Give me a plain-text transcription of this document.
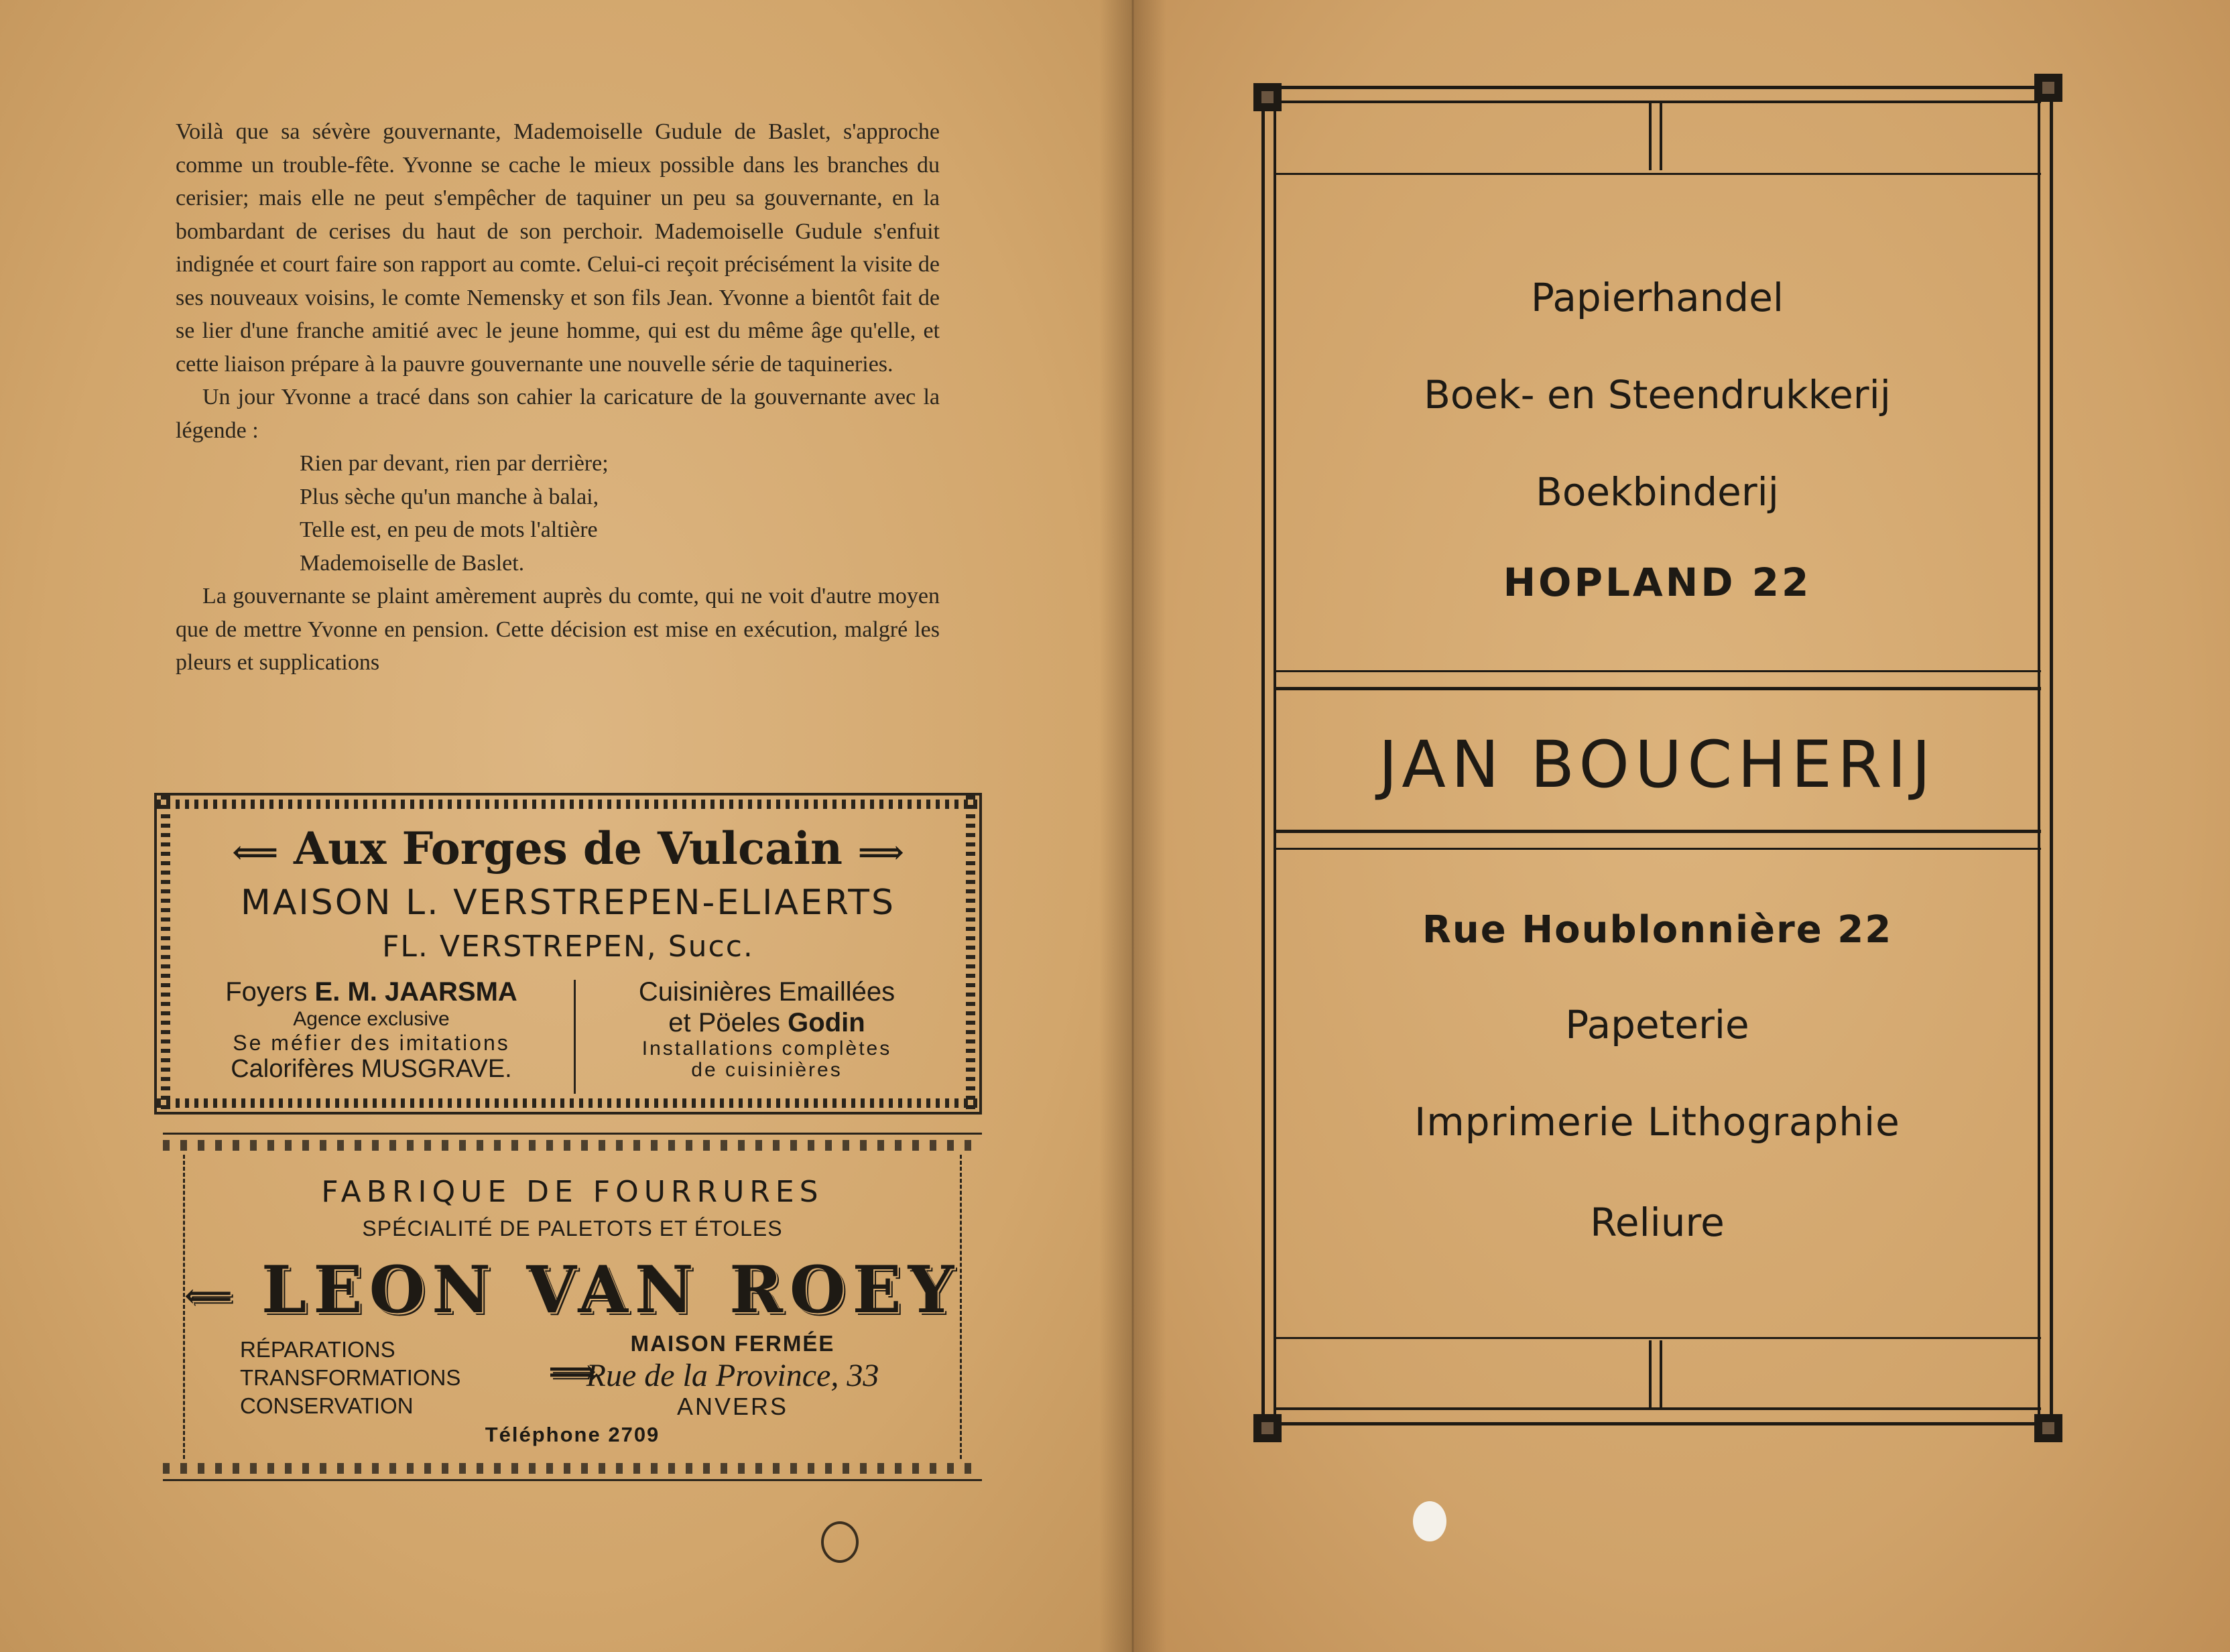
Voilà que sa sévère gouvernante, Mademoiselle Gudule de Baslet, s'approche comme un trouble-fête. Yvonne se cache le mieux possible dans les branches du cerisier; mais elle ne peut s'empêcher de taquiner un peu sa gouvernante, en la bombardant de cerises du haut de son perchoir. Mademoiselle Gudule s'enfuit indignée et court faire son rapport au comte. Celui-ci reçoit précisément la visite de ses nouveaux voisins, le comte Nemensky et son fils Jean. Yvonne a bientôt fait de se lier d'une franche amitié avec le jeune homme, qui est du même âge qu'elle, et cette liaison prépare à la pauvre gouvernante une nouvelle série de taquineries.

Un jour Yvonne a tracé dans son cahier la caricature de la gouvernante avec la légende :

Rien par devant, rien par derrière;
Plus sèche qu'un manche à balai,
Telle est, en peu de mots l'altière
Mademoiselle de Baslet.

La gouvernante se plaint amèrement auprès du comte, qui ne voit d'autre moyen que de mettre Yvonne en pension. Cette décision est mise en exécution, malgré les pleurs et supplications

⟸ Aux Forges de Vulcain ⟹
MAISON L. VERSTREPEN-ELIAERTS
FL. VERSTREPEN, Succ.
Foyers E. M. JAARSMA
Agence exclusive
Se méfier des imitations
Calorifères MUSGRAVE.
Cuisinières Emaillées
et Pöeles Godin
Installations complètes
de cuisinières
FABRIQUE DE FOURRURES
SPÉCIALITÉ DE PALETOTS ET ÉTOLES
⟸ LEON VAN ROEY ⟹
RÉPARATIONS
TRANSFORMATIONS
CONSERVATION
MAISON FERMÉE
Rue de la Province, 33
ANVERS
Téléphone 2709
Papierhandel
Boek- en Steendrukkerij
Boekbinderij
HOPLAND 22
JAN BOUCHERIJ
Rue Houblonnière 22
Papeterie
Imprimerie Lithographie
Reliure
